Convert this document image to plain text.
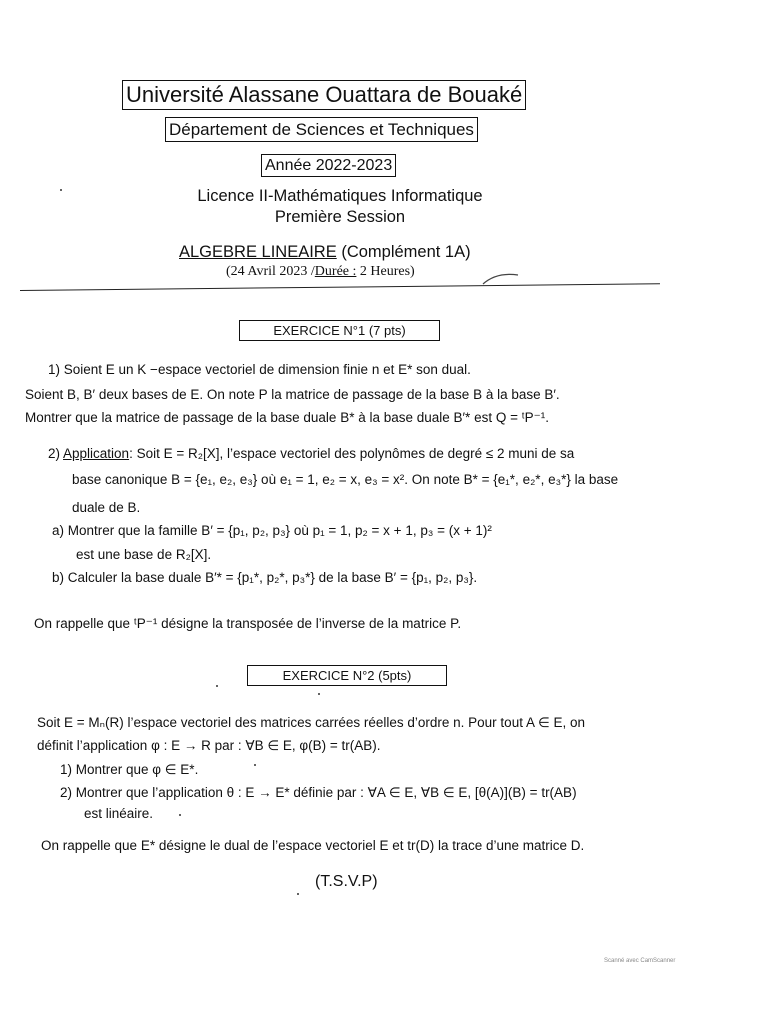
Université Alassane Ouattara de Bouaké
Département de Sciences et Techniques
Année 2022-2023
Licence II-Mathématiques Informatique
Première Session
ALGEBRE LINEAIRE (Complément 1A)
(24 Avril 2023 /Durée : 2 Heures)
EXERCICE N°1 (7 pts)
1) Soient E un K −espace vectoriel de dimension finie n et E* son dual.
Soient B, B′ deux bases de E. On note P la matrice de passage de la base B à la base B′.
Montrer que la matrice de passage de la base duale B* à la base duale B′* est Q = ᵗP⁻¹.
2) Application: Soit E = R₂[X], l’espace vectoriel des polynômes de degré ≤ 2 muni de sa
base canonique B = {e₁, e₂, e₃} où e₁ = 1, e₂ = x, e₃ = x². On note B* = {e₁*, e₂*, e₃*} la base
duale de B.
a) Montrer que la famille B′ = {p₁, p₂, p₃} où p₁ = 1, p₂ = x + 1, p₃ = (x + 1)²
est une base de R₂[X].
b) Calculer la base duale B′* = {p₁*, p₂*, p₃*} de la base B′ = {p₁, p₂, p₃}.
On rappelle que ᵗP⁻¹ désigne la transposée de l’inverse de la matrice P.
EXERCICE N°2 (5pts)
Soit E = Mₙ(R) l’espace vectoriel des matrices carrées réelles d’ordre n. Pour tout A ∈ E, on
définit l’application φ : E → R par : ∀B ∈ E, φ(B) = tr(AB).
1) Montrer que φ ∈ E*.
2) Montrer que l’application θ : E → E* définie par : ∀A ∈ E, ∀B ∈ E, [θ(A)](B) = tr(AB)
est linéaire.
On rappelle que E* désigne le dual de l’espace vectoriel E et tr(D) la trace d’une matrice D.
(T.S.V.P)
Scanné avec CamScanner
